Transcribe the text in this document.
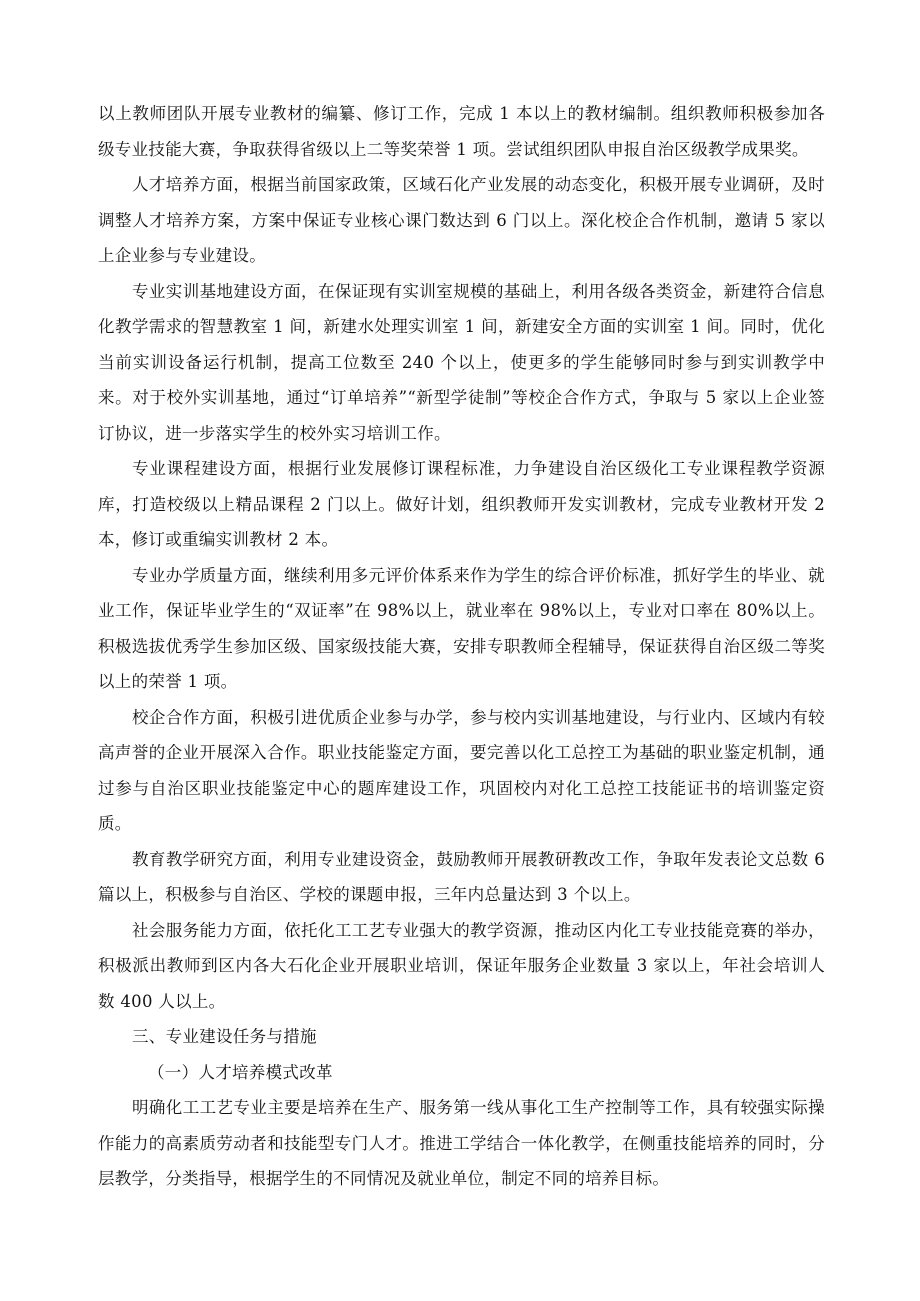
以上教师团队开展专业教材的编纂、修订工作，完成 1 本以上的教材编制。组织教师积极参加各级专业技能大赛，争取获得省级以上二等奖荣誉 1 项。尝试组织团队申报自治区级教学成果奖。

人才培养方面，根据当前国家政策，区域石化产业发展的动态变化，积极开展专业调研，及时调整人才培养方案，方案中保证专业核心课门数达到 6 门以上。深化校企合作机制，邀请 5 家以上企业参与专业建设。

专业实训基地建设方面，在保证现有实训室规模的基础上，利用各级各类资金，新建符合信息化教学需求的智慧教室 1 间，新建水处理实训室 1 间，新建安全方面的实训室 1 间。同时，优化当前实训设备运行机制，提高工位数至 240 个以上，使更多的学生能够同时参与到实训教学中来。对于校外实训基地，通过“订单培养”“新型学徒制”等校企合作方式，争取与 5 家以上企业签订协议，进一步落实学生的校外实习培训工作。

专业课程建设方面，根据行业发展修订课程标准，力争建设自治区级化工专业课程教学资源库，打造校级以上精品课程 2 门以上。做好计划，组织教师开发实训教材，完成专业教材开发 2 本，修订或重编实训教材 2 本。

专业办学质量方面，继续利用多元评价体系来作为学生的综合评价标准，抓好学生的毕业、就业工作，保证毕业学生的“双证率”在 98%以上，就业率在 98%以上，专业对口率在 80%以上。积极选拔优秀学生参加区级、国家级技能大赛，安排专职教师全程辅导，保证获得自治区级二等奖以上的荣誉 1 项。

校企合作方面，积极引进优质企业参与办学，参与校内实训基地建设，与行业内、区域内有较高声誉的企业开展深入合作。职业技能鉴定方面，要完善以化工总控工为基础的职业鉴定机制，通过参与自治区职业技能鉴定中心的题库建设工作，巩固校内对化工总控工技能证书的培训鉴定资质。

教育教学研究方面，利用专业建设资金，鼓励教师开展教研教改工作，争取年发表论文总数 6 篇以上，积极参与自治区、学校的课题申报，三年内总量达到 3 个以上。

社会服务能力方面，依托化工工艺专业强大的教学资源，推动区内化工专业技能竞赛的举办，积极派出教师到区内各大石化企业开展职业培训，保证年服务企业数量 3 家以上，年社会培训人数 400 人以上。

三、专业建设任务与措施

（一）人才培养模式改革

明确化工工艺专业主要是培养在生产、服务第一线从事化工生产控制等工作，具有较强实际操作能力的高素质劳动者和技能型专门人才。推进工学结合一体化教学，在侧重技能培养的同时，分层教学，分类指导，根据学生的不同情况及就业单位，制定不同的培养目标。
